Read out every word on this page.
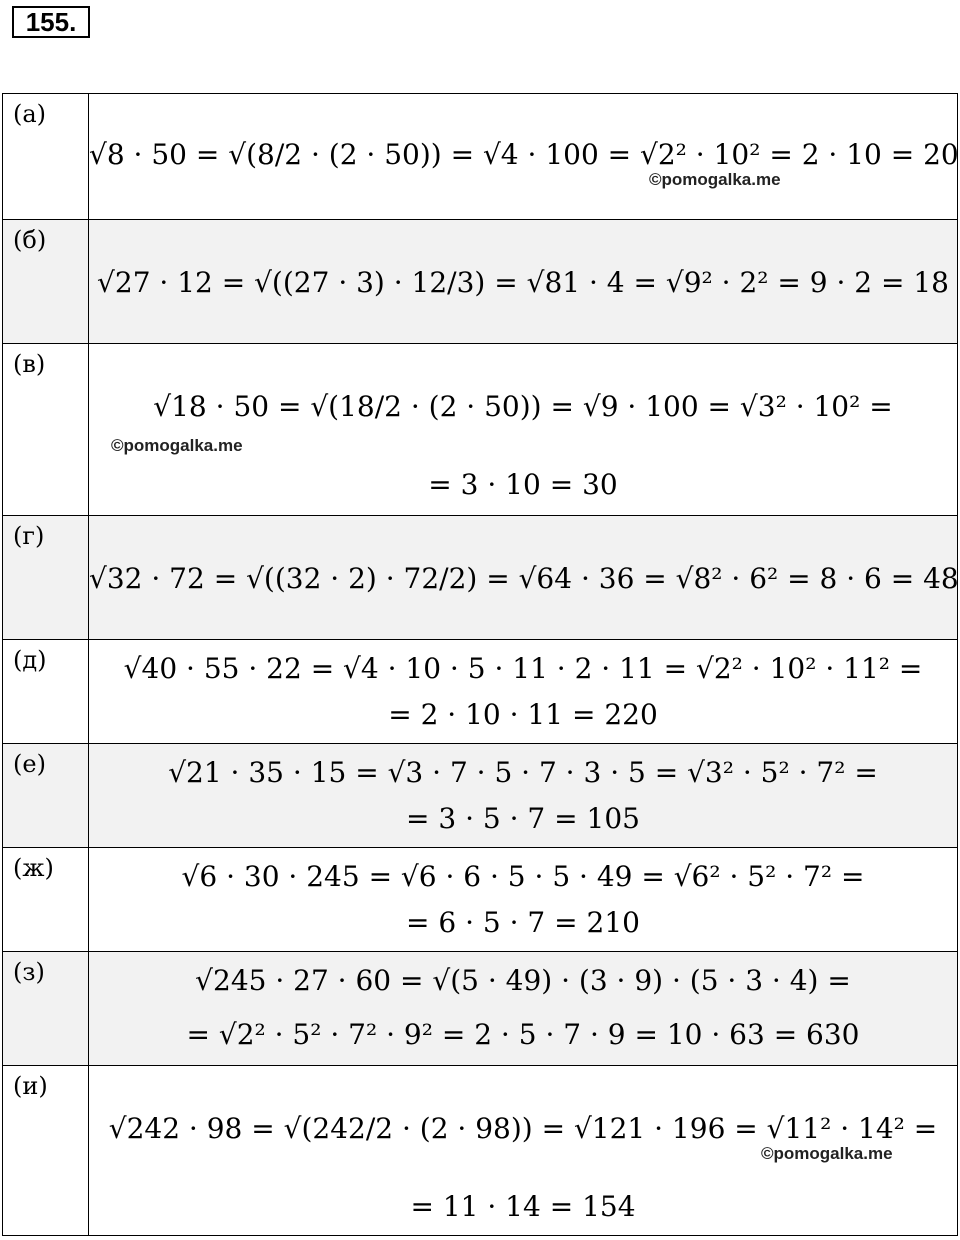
155.
(а)	√8 · 50 = √(8/2 · (2 · 50)) = √4 · 100 = √2² · 10² = 2 · 10 = 20
©pomogalka.me

(б)	√27 · 12 = √((27 · 3) · 12/3) = √81 · 4 = √9² · 2² = 9 · 2 = 18

(в)	√18 · 50 = √(18/2 · (2 · 50)) = √9 · 100 = √3² · 10² =
©pomogalka.me
= 3 · 10 = 30

(г)	√32 · 72 = √((32 · 2) · 72/2) = √64 · 36 = √8² · 6² = 8 · 6 = 48

(д)	√40 · 55 · 22 = √4 · 10 · 5 · 11 · 2 · 11 = √2² · 10² · 11² =
= 2 · 10 · 11 = 220

(е)	√21 · 35 · 15 = √3 · 7 · 5 · 7 · 3 · 5 = √3² · 5² · 7² =
= 3 · 5 · 7 = 105

(ж)	√6 · 30 · 245 = √6 · 6 · 5 · 5 · 49 = √6² · 5² · 7² =
= 6 · 5 · 7 = 210

(з)	√245 · 27 · 60 = √(5 · 49) · (3 · 9) · (5 · 3 · 4) =
= √2² · 5² · 7² · 9² = 2 · 5 · 7 · 9 = 10 · 63 = 630

(и)	√242 · 98 = √(242/2 · (2 · 98)) = √121 · 196 = √11² · 14² =
©pomogalka.me
= 11 · 14 = 154
